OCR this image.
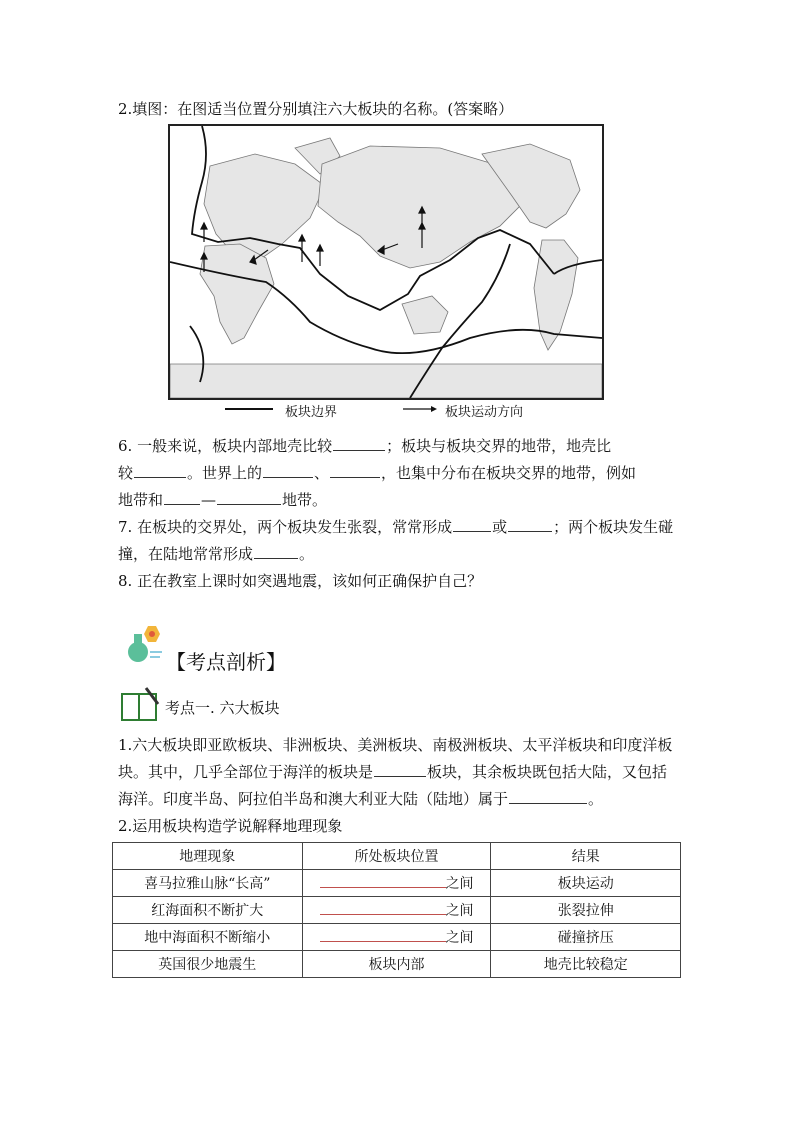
2.填图：在图适当位置分别填注六大板块的名称。(答案略）
板块边界	板块运动方向
6. 一般来说，板块内部地壳比较	；板块与板块交界的地带，地壳比
较	。世界上的	、	，也集中分布在板块交界的地带，例如
地带和	—	地带。
7. 在板块的交界处，两个板块发生张裂，常常形成	或	；两个板块发生碰
撞，在陆地常常形成	。
8. 正在教室上课时如突遇地震，该如何正确保护自己？
【考点剖析】
考点一. 六大板块
1.六大板块即亚欧板块、非洲板块、美洲板块、南极洲板块、太平洋板块和印度洋板
块。其中，几乎全部位于海洋的板块是	板块，其余板块既包括大陆，又包括
海洋。印度半岛、阿拉伯半岛和澳大利亚大陆（陆地）属于	。
2.运用板块构造学说解释地理现象
地理现象	所处板块位置	结果
喜马拉雅山脉“长高”	之间	板块运动
红海面积不断扩大	之间	张裂拉伸
地中海面积不断缩小	之间	碰撞挤压
英国很少地震生	板块内部	地壳比较稳定
